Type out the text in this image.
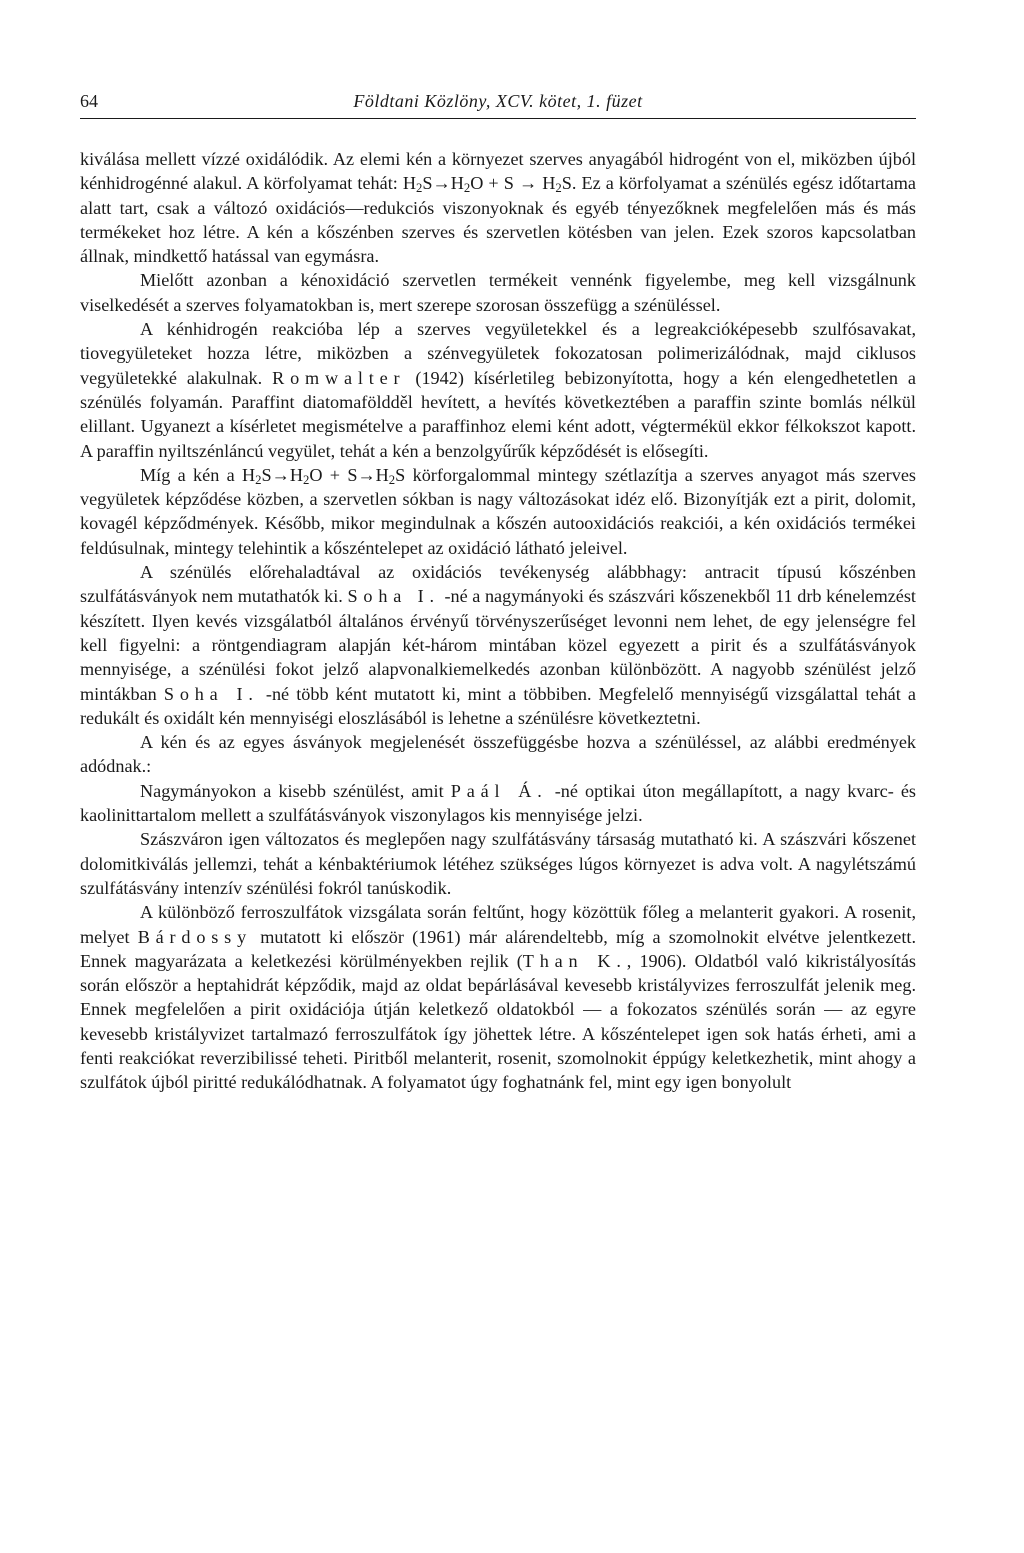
64	Földtani Közlöny, XCV. kötet, 1. füzet

kiválása mellett vízzé oxidálódik. Az elemi kén a környezet szerves anyagából hidrogént von el, miközben újból kénhidrogénné alakul. A körfolyamat tehát: $H_2S\to H_2O + S \to H_2S$. Ez a körfolyamat a szénülés egész időtartama alatt tart, csak a változó oxidációs—redukciós viszonyoknak és egyéb tényezőknek megfelelően más és más termékeket hoz létre. A kén a kőszénben szerves és szervetlen kötésben van jelen. Ezek szoros kapcsolatban állnak, mindkettő hatással van egymásra.

Mielőtt azonban a kénoxidáció szervetlen termékeit vennénk figyelembe, meg kell vizsgálnunk viselkedését a szerves folyamatokban is, mert szerepe szorosan összefügg a szénüléssel.

A kénhidrogén reakcióba lép a szerves vegyületekkel és a legreakcióképesebb szulfósavakat, tiovegyületeket hozza létre, miközben a szénvegyületek fokozatosan polimerizálódnak, majd ciklusos vegyületekké alakulnak. Romwalter (1942) kísérletileg bebizonyította, hogy a kén elengedhetetlen a szénülés folyamán. Paraffint diatomaföldděl hevített, a hevítés következtében a paraffin szinte bomlás nélkül elillant. Ugyanezt a kísérletet megismételve a paraffinhoz elemi ként adott, végtermékül ekkor félkokszot kapott. A paraffin nyiltszénláncú vegyület, tehát a kén a benzolgyűrűk képződését is elősegíti.

Míg a kén a $H_2S\to H_2O + S\to H_2S$ körforgalommal mintegy szétlazítja a szerves anyagot más szerves vegyületek képződése közben, a szervetlen sókban is nagy változásokat idéz elő. Bizonyítják ezt a pirit, dolomit, kovagél képződmények. Később, mikor megindulnak a kőszén autooxidációs reakciói, a kén oxidációs termékei feldúsulnak, mintegy telehintik a kőszéntelepet az oxidáció látható jeleivel.

A szénülés előrehaladtával az oxidációs tevékenység alábbhagy: antracit típusú kőszénben szulfátásványok nem mutathatók ki. Soha I. -né a nagymányoki és szászvári kőszenekből 11 drb kénelemzést készített. Ilyen kevés vizsgálatból általános érvényű törvényszerűséget levonni nem lehet, de egy jelenségre fel kell figyelni: a röntgendiagram alapján két-három mintában közel egyezett a pirit és a szulfátásványok mennyisége, a szénülési fokot jelző alapvonalkiemelkedés azonban különbözött. A nagyobb szénülést jelző mintákban Soha I. -né több ként mutatott ki, mint a többiben. Megfelelő mennyiségű vizsgálattal tehát a redukált és oxidált kén mennyiségi eloszlásából is lehetne a szénülésre következtetni.

A kén és az egyes ásványok megjelenését összefüggésbe hozva a szénüléssel, az alábbi eredmények adódnak.:

Nagymányokon a kisebb szénülést, amit Paál Á. -né optikai úton megállapított, a nagy kvarc- és kaolinittartalom mellett a szulfátásványok viszonylagos kis mennyisége jelzi.

Szászváron igen változatos és meglepően nagy szulfátásvány társaság mutatható ki. A szászvári kőszenet dolomitkiválás jellemzi, tehát a kénbaktériumok létéhez szükséges lúgos környezet is adva volt. A nagylétszámú szulfátásvány intenzív szénülési fokról tanúskodik.

A különböző ferroszulfátok vizsgálata során feltűnt, hogy közöttük főleg a melanterit gyakori. A rosenit, melyet Bárdossy mutatott ki először (1961) már alárendeltebb, míg a szomolnokit elvétve jelentkezett. Ennek magyarázata a keletkezési körülményekben rejlik (Than K., 1906). Oldatból való kikristályosítás során először a heptahidrát képződik, majd az oldat bepárlásával kevesebb kristályvizes ferroszulfát jelenik meg. Ennek megfelelően a pirit oxidációja útján keletkező oldatokból — a fokozatos szénülés során — az egyre kevesebb kristályvizet tartalmazó ferroszulfátok így jöhettek létre. A kőszéntelepet igen sok hatás érheti, ami a fenti reakciókat reverzibilissé teheti. Piritből melanterit, rosenit, szomolnokit éppúgy keletkezhetik, mint ahogy a szulfátok újból piritté redukálódhatnak. A folyamatot úgy foghatnánk fel, mint egy igen bonyolult
